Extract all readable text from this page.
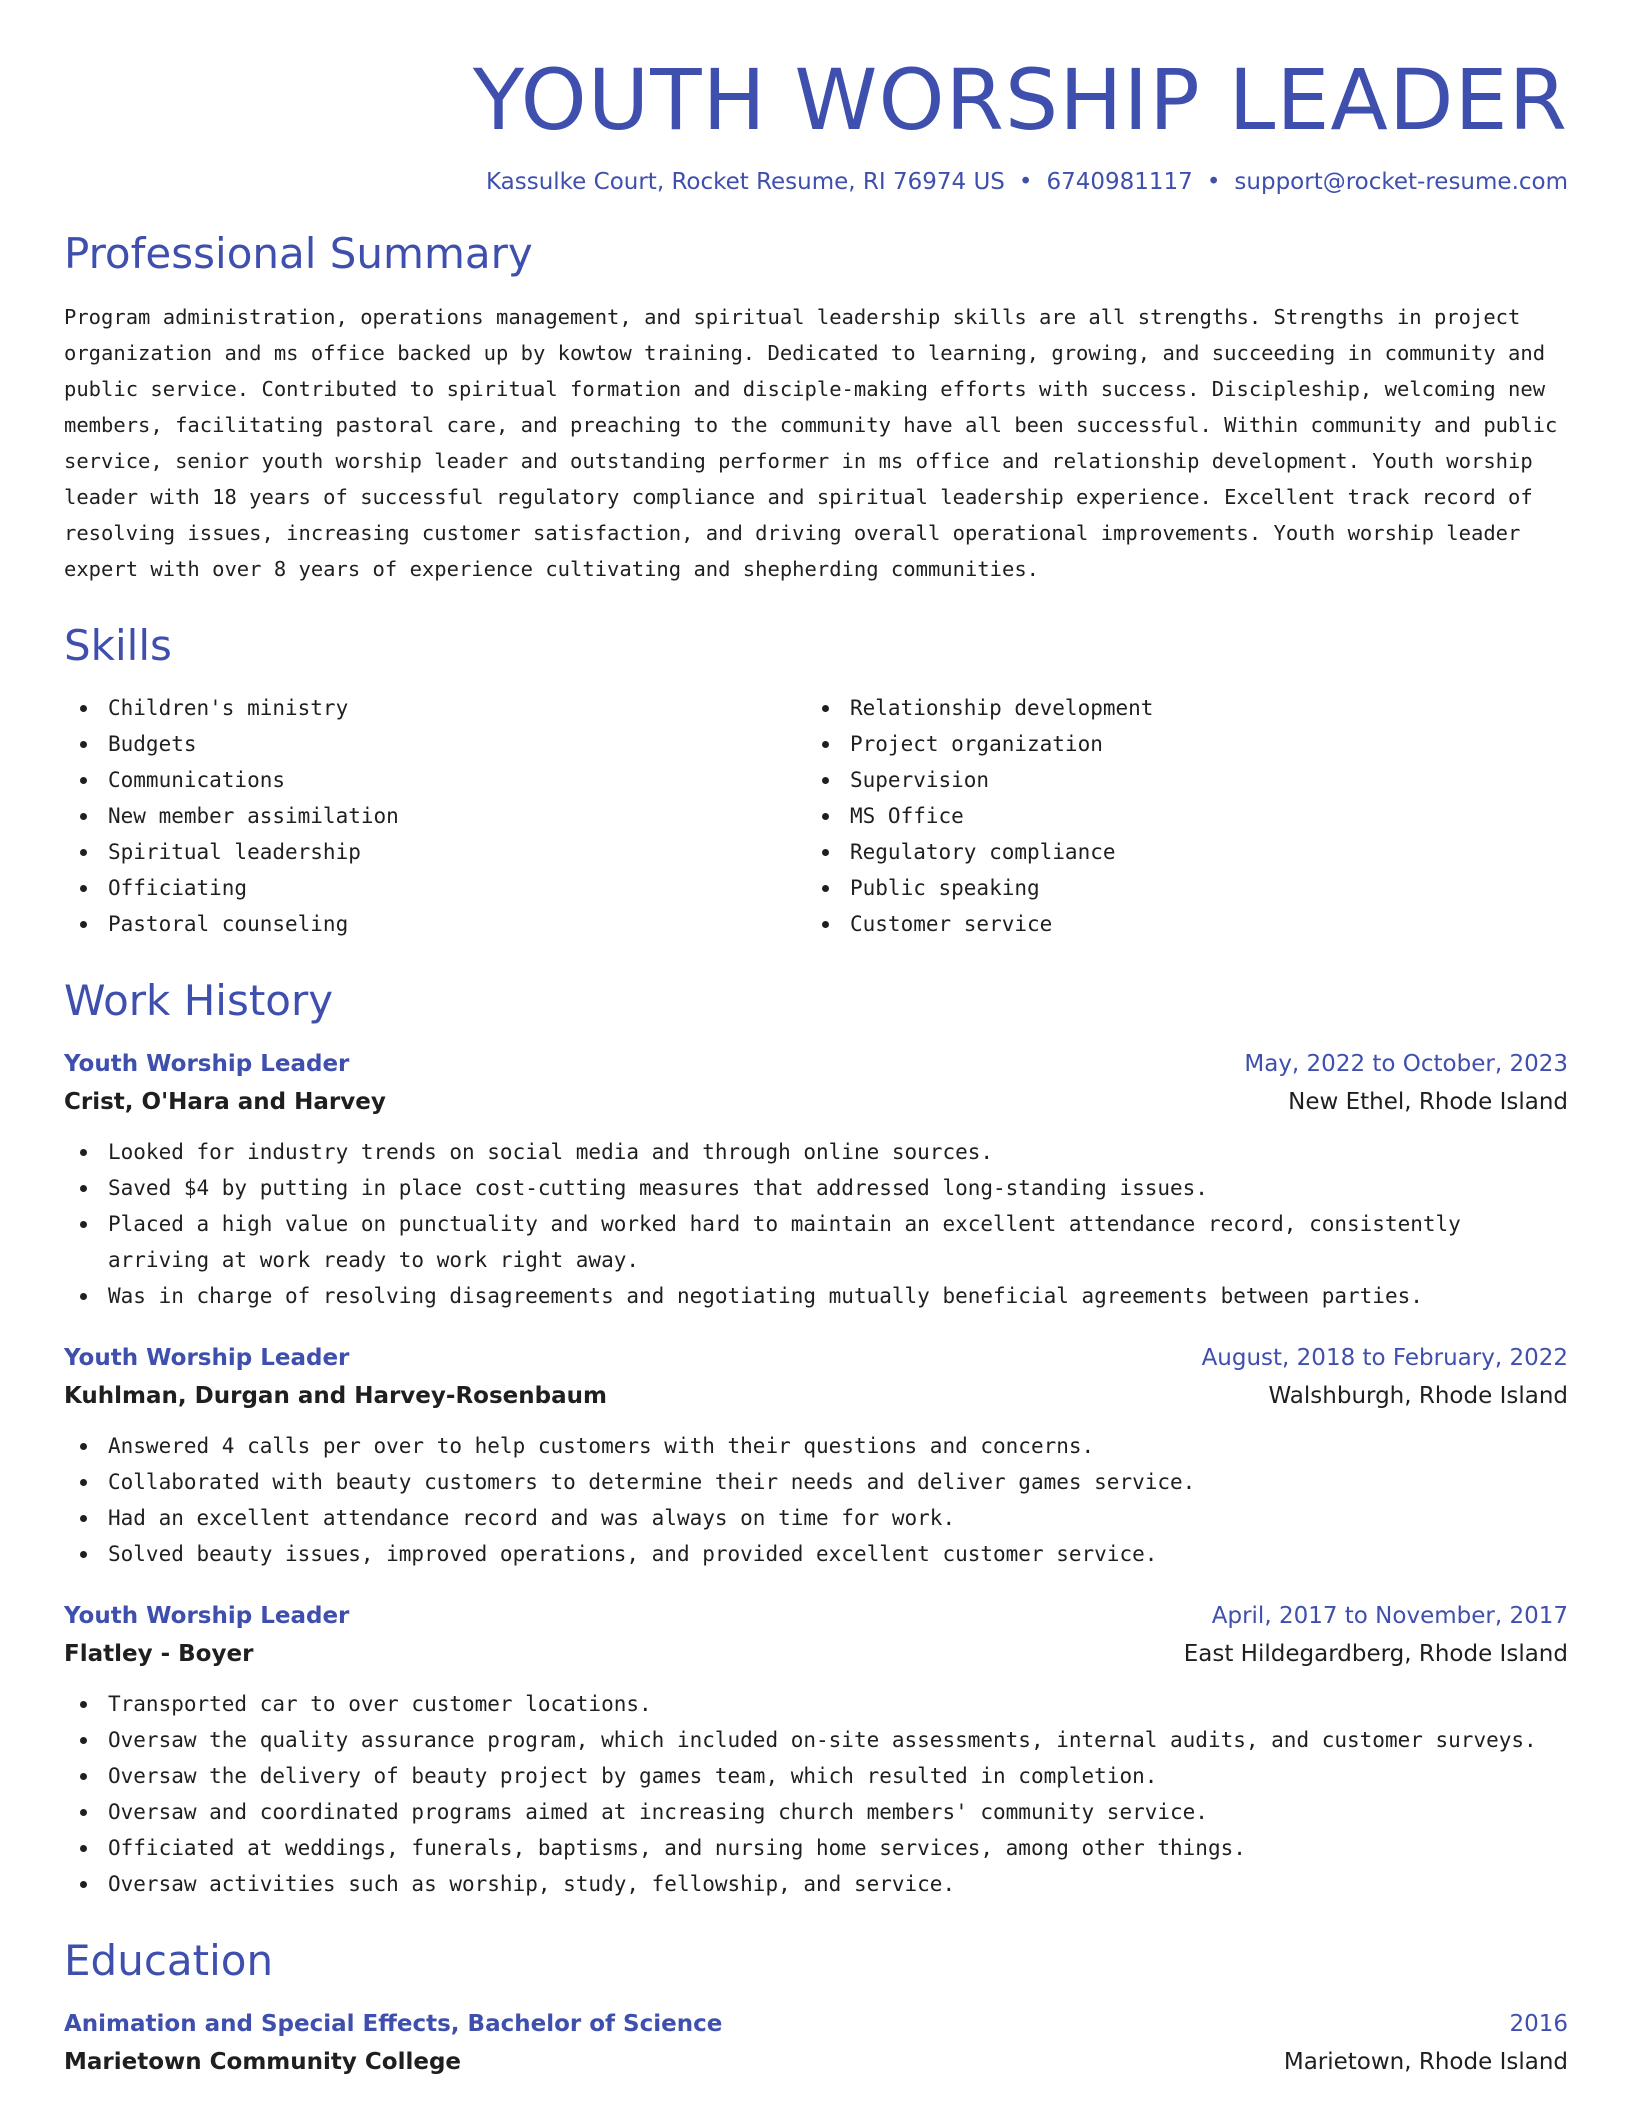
YOUTH WORSHIP LEADER
Kassulke Court, Rocket Resume, RI 76974 US • 6740981117 • support@rocket-resume.com
Professional Summary

Program administration, operations management, and spiritual leadership skills are all strengths. Strengths in project organization and ms office backed up by kowtow training. Dedicated to learning, growing, and succeeding in community and public service. Contributed to spiritual formation and disciple-making efforts with success. Discipleship, welcoming new members, facilitating pastoral care, and preaching to the community have all been successful. Within community and public service, senior youth worship leader and outstanding performer in ms office and relationship development. Youth worship leader with 18 years of successful regulatory compliance and spiritual leadership experience. Excellent track record of resolving issues, increasing customer satisfaction, and driving overall operational improvements. Youth worship leader expert with over 8 years of experience cultivating and shepherding communities.

Skills
Children's ministry
Budgets
Communications
New member assimilation
Spiritual leadership
Officiating
Pastoral counseling
Relationship development
Project organization
Supervision
MS Office
Regulatory compliance
Public speaking
Customer service
Work History
Youth Worship Leader	May, 2022 to October, 2023
Crist, O'Hara and Harvey	New Ethel, Rhode Island
Looked for industry trends on social media and through online sources.
Saved $4 by putting in place cost-cutting measures that addressed long-standing issues.
Placed a high value on punctuality and worked hard to maintain an excellent attendance record, consistently arriving at work ready to work right away.
Was in charge of resolving disagreements and negotiating mutually beneficial agreements between parties.
Youth Worship Leader	August, 2018 to February, 2022
Kuhlman, Durgan and Harvey-Rosenbaum	Walshburgh, Rhode Island
Answered 4 calls per over to help customers with their questions and concerns.
Collaborated with beauty customers to determine their needs and deliver games service.
Had an excellent attendance record and was always on time for work.
Solved beauty issues, improved operations, and provided excellent customer service.
Youth Worship Leader	April, 2017 to November, 2017
Flatley - Boyer	East Hildegardberg, Rhode Island
Transported car to over customer locations.
Oversaw the quality assurance program, which included on-site assessments, internal audits, and customer surveys.
Oversaw the delivery of beauty project by games team, which resulted in completion.
Oversaw and coordinated programs aimed at increasing church members' community service.
Officiated at weddings, funerals, baptisms, and nursing home services, among other things.
Oversaw activities such as worship, study, fellowship, and service.
Education
Animation and Special Effects, Bachelor of Science	2016
Marietown Community College	Marietown, Rhode Island
